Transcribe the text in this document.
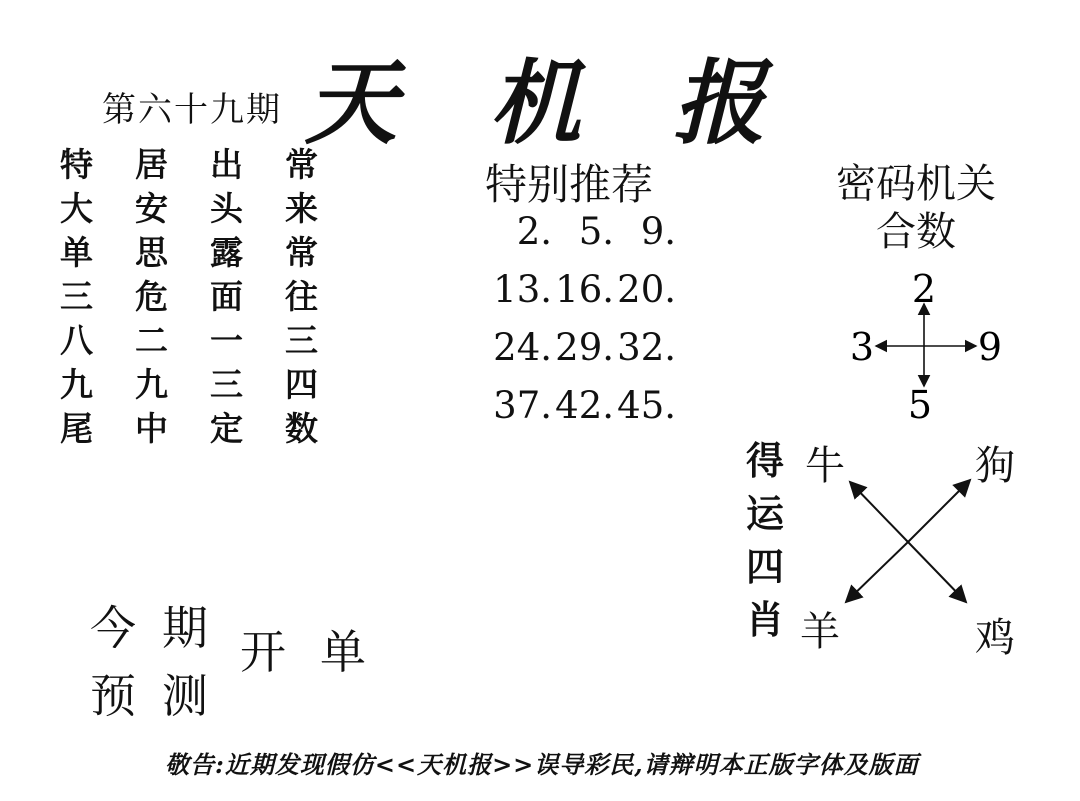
第六十九期 天 机 报
特	居	出	常
大	安	头	来
单	思	露	常
三	危	面	往
八	二	一	三
九	九	三	四
尾	中	定	数
特别推荐
2. 5. 9.
13. 16. 20.
24. 29. 32.
37. 42. 45.
密码机关
合数
2
5
3	9
得
运
四
肖
牛	狗
羊	鸡
今 期
预 测
开 单
敬告:近期发现假仿<<天机报>>误导彩民,请辩明本正版字体及版面
